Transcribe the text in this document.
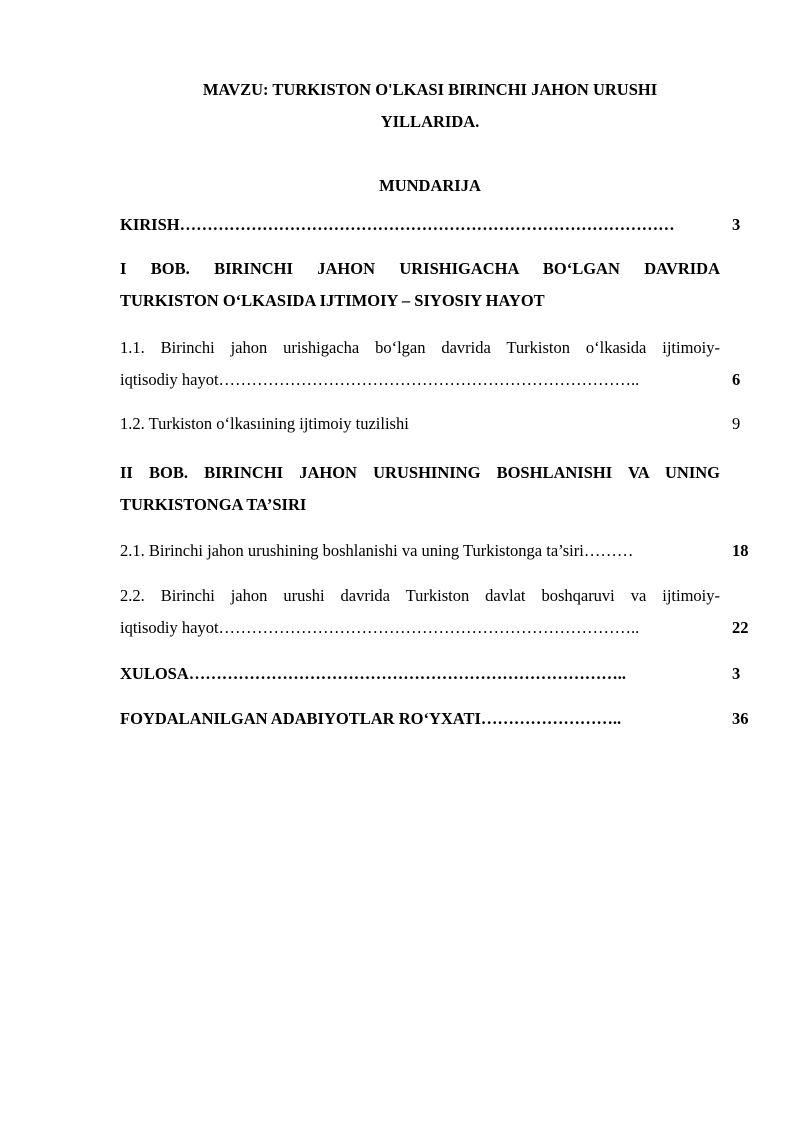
MAVZU: TURKISTON O'LKASI BIRINCHI JAHON URUSHI
YILLARIDA.
MUNDARIJA
KIRISH………………………………………………………………………………	3
I BOB. BIRINCHI JAHON URISHIGACHA BO‘LGAN DAVRIDA
TURKISTON O‘LKASIDA IJTIMOIY – SIYOSIY HAYOT
1.1. Birinchi jahon urishigacha bo‘lgan davrida Turkiston o‘lkasida ijtimoiy-
iqtisodiy hayot…………………………………………………………………..	6
1.2. Turkiston o‘lkasıining ijtimoiy tuzilishi	9
II BOB. BIRINCHI JAHON URUSHINING BOSHLANISHI VA UNING
TURKISTONGA TA’SIRI
2.1. Birinchi jahon urushining boshlanishi va uning Turkistonga ta’siri………	18
2.2. Birinchi jahon urushi davrida Turkiston davlat boshqaruvi va ijtimoiy-
iqtisodiy hayot…………………………………………………………………..	22
XULOSA……………………………………………………………………..	3
FOYDALANILGAN ADABIYOTLAR RO‘YXATI……………………..	36
